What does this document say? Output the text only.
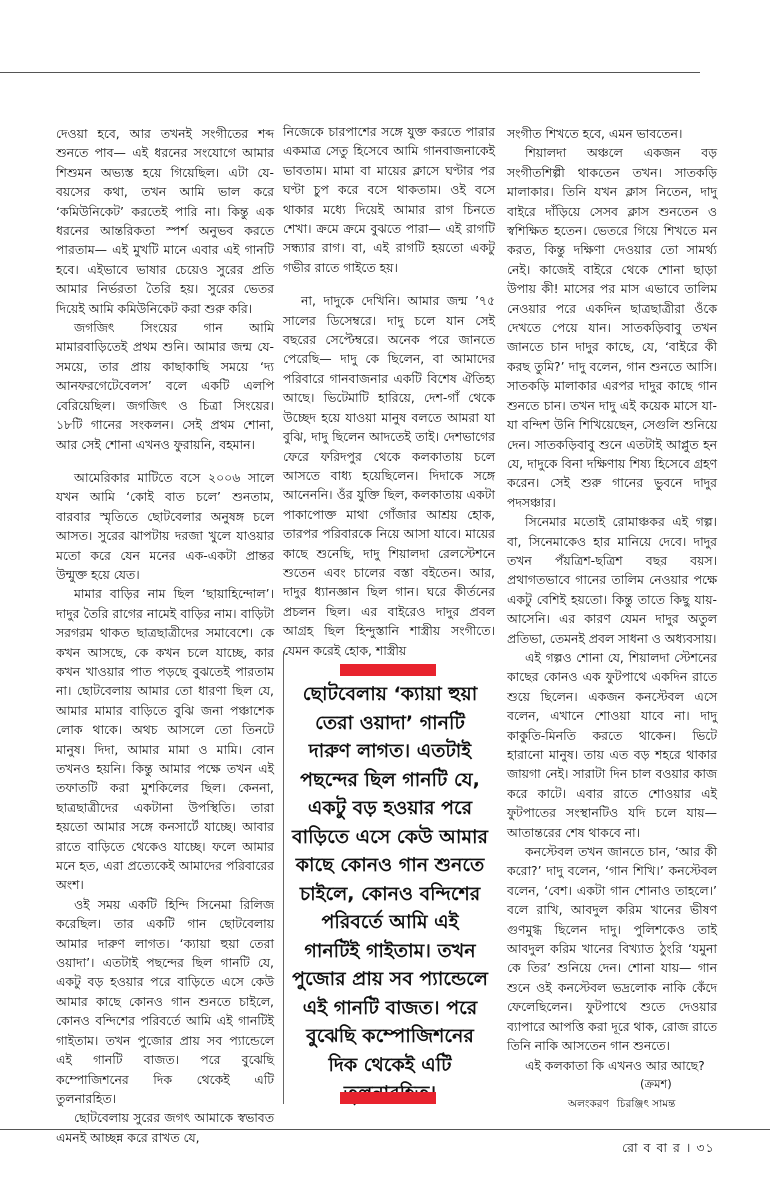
দেওয়া হবে, আর তখনই সংগীতের শব্দ শুনতে পাব— এই ধরনের সংযোগে আমার শিশুমন অভ্যস্ত হয়ে গিয়েছিল। এটা যে-বয়সের কথা, তখন আমি ভাল করে ‘কমিউনিকেট’ করতেই পারি না। কিন্তু এক ধরনের আন্তরিকতা স্পর্শ অনুভব করতে পারতাম— এই মুখটি মানে এবার এই গানটি হবে। এইভাবে ভাষার চেয়েও সুরের প্রতি আমার নির্ভরতা তৈরি হয়। সুরের ভেতর দিয়েই আমি কমিউনিকেট করা শুরু করি।

জগজিৎ সিংয়ের গান আমি মামারবাড়িতেই প্রথম শুনি। আমার জন্ম যে-সময়ে, তার প্রায় কাছাকাছি সময়ে ‘দ্য আনফরগেটেবেলস’ বলে একটি এলপি বেরিয়েছিল। জগজিৎ ও চিত্রা সিংয়ের। ১৮টি গানের সংকলন। সেই প্রথম শোনা, আর সেই শোনা এখনও ফুরায়নি, বহমান।

আমেরিকার মাটিতে বসে ২০০৬ সালে যখন আমি ‘কোই বাত চলে’ শুনতাম, বারবার স্মৃতিতে ছোটবেলার অনুষঙ্গ চলে আসত। সুরের ঝাপটায় দরজা খুলে যাওয়ার মতো করে যেন মনের এক-একটা প্রান্তর উন্মুক্ত হয়ে যেত।

মামার বাড়ির নাম ছিল ‘ছায়াহিন্দোল’। দাদুর তৈরি রাগের নামেই বাড়ির নাম। বাড়িটা সরগরম থাকত ছাত্রছাত্রীদের সমাবেশে। কে কখন আসছে, কে কখন চলে যাচ্ছে, কার কখন খাওয়ার পাত পড়ছে বুঝতেই পারতাম না। ছোটবেলায় আমার তো ধারণা ছিল যে, আমার মামার বাড়িতে বুঝি জনা পঞ্চাশেক লোক থাকে। অথচ আসলে তো তিনটে মানুষ। দিদা, আমার মামা ও মামি। বোন তখনও হয়নি। কিন্তু আমার পক্ষে তখন এই তফাতটি করা মুশকিলের ছিল। কেননা, ছাত্রছাত্রীদের একটানা উপস্থিতি। তারা হয়তো আমার সঙ্গে কনসার্টে যাচ্ছে। আবার রাতে বাড়িতে থেকেও যাচ্ছে। ফলে আমার মনে হত, এরা প্রত্যেকেই আমাদের পরিবারের অংশ।

ওই সময় একটি হিন্দি সিনেমা রিলিজ করেছিল। তার একটি গান ছোটবেলায় আমার দারুণ লাগত। ‘ক্যায়া হুয়া তেরা ওয়াদা’। এতটাই পছন্দের ছিল গানটি যে, একটু বড় হওয়ার পরে বাড়িতে এসে কেউ আমার কাছে কোনও গান শুনতে চাইলে, কোনও বন্দিশের পরিবর্তে আমি এই গানটিই গাইতাম। তখন পুজোর প্রায় সব প্যান্ডেলে এই গানটি বাজত। পরে বুঝেছি কম্পোজিশনের দিক থেকেই এটি তুলনারহিত।

ছোটবেলায় সুরের জগৎ আমাকে স্বভাবত এমনই আচ্ছন্ন করে রাখত যে,

নিজেকে চারপাশের সঙ্গে যুক্ত করতে পারার একমাত্র সেতু হিসেবে আমি গানবাজনাকেই ভাবতাম। মামা বা মায়ের ক্লাসে ঘণ্টার পর ঘণ্টা চুপ করে বসে থাকতাম। ওই বসে থাকার মধ্যে দিয়েই আমার রাগ চিনতে শেখা। ক্রমে ক্রমে বুঝতে পারা— এই রাগটি সন্ধ্যার রাগ। বা, এই রাগটি হয়তো একটু গভীর রাতে গাইতে হয়।

না, দাদুকে দেখিনি। আমার জন্ম ’৭৫ সালের ডিসেম্বরে। দাদু চলে যান সেই বছরের সেপ্টেম্বরে। অনেক পরে জানতে পেরেছি— দাদু কে ছিলেন, বা আমাদের পরিবারে গানবাজনার একটি বিশেষ ঐতিহ্য আছে। ভিটেমাটি হারিয়ে, দেশ-গাঁ থেকে উচ্ছেদ হয়ে যাওয়া মানুষ বলতে আমরা যা বুঝি, দাদু ছিলেন আদতেই তাই। দেশভাগের ফেরে ফরিদপুর থেকে কলকাতায় চলে আসতে বাধ্য হয়েছিলেন। দিদাকে সঙ্গে আনেননি। ওঁর যুক্তি ছিল, কলকাতায় একটা পাকাপোক্ত মাথা গোঁজার আশ্রয় হোক, তারপর পরিবারকে নিয়ে আসা যাবে। মায়ের কাছে শুনেছি, দাদু শিয়ালদা রেলস্টেশনে শুতেন এবং চালের বস্তা বইতেন। আর, দাদুর ধ্যানজ্ঞান ছিল গান। ঘরে কীর্তনের প্রচলন ছিল। এর বাইরেও দাদুর প্রবল আগ্রহ ছিল হিন্দুস্তানি শাস্ত্রীয় সংগীতে। যেমন করেই হোক, শাস্ত্রীয়

সংগীত শিখতে হবে, এমন ভাবতেন।

শিয়ালদা অঞ্চলে একজন বড় সংগীতশিল্পী থাকতেন তখন। সাতকড়ি মালাকার। তিনি যখন ক্লাস নিতেন, দাদু বাইরে দাঁড়িয়ে সেসব ক্লাস শুনতেন ও স্বশিক্ষিত হতেন। ভেতরে গিয়ে শিখতে মন করত, কিন্তু দক্ষিণা দেওয়ার তো সামর্থ্য নেই। কাজেই বাইরে থেকে শোনা ছাড়া উপায় কী! মাসের পর মাস এভাবে তালিম নেওয়ার পরে একদিন ছাত্রছাত্রীরা ওঁকে দেখতে পেয়ে যান। সাতকড়িবাবু তখন জানতে চান দাদুর কাছে, যে, ‘বাইরে কী করছ তুমি?’ দাদু বলেন, গান শুনতে আসি। সাতকড়ি মালাকার এরপর দাদুর কাছে গান শুনতে চান। তখন দাদু এই কয়েক মাসে যা-যা বন্দিশ উনি শিখিয়েছেন, সেগুলি শুনিয়ে দেন। সাতকড়িবাবু শুনে এতটাই আপ্লুত হন যে, দাদুকে বিনা দক্ষিণায় শিষ্য হিসেবে গ্রহণ করেন। সেই শুরু গানের ভুবনে দাদুর পদসঞ্চার।

সিনেমার মতোই রোমাঞ্চকর এই গল্প। বা, সিনেমাকেও হার মানিয়ে দেবে। দাদুর তখন পঁয়ত্রিশ-ছত্রিশ বছর বয়স। প্রথাগতভাবে গানের তালিম নেওয়ার পক্ষে একটু বেশিই হয়তো। কিন্তু তাতে কিছু যায়-আসেনি। এর কারণ যেমন দাদুর অতুল প্রতিভা, তেমনই প্রবল সাধনা ও অধ্যবসায়।

এই গল্পও শোনা যে, শিয়ালদা স্টেশনের কাছের কোনও এক ফুটপাথে একদিন রাতে শুয়ে ছিলেন। একজন কনস্টেবল এসে বলেন, এখানে শোওয়া যাবে না। দাদু কাকুতি-মিনতি করতে থাকেন। ভিটে হারানো মানুষ। তায় এত বড় শহরে থাকার জায়গা নেই। সারাটা দিন চাল বওয়ার কাজ করে কাটে। এবার রাতে শোওয়ার এই ফুটপাতের সংস্থানটিও যদি চলে যায়— আতান্তরের শেষ থাকবে না।

কনস্টেবল তখন জানতে চান, ‘আর কী করো?’ দাদু বলেন, ‘গান শিখি।’ কনস্টেবল বলেন, ‘বেশ। একটা গান শোনাও তাহলে।’ বলে রাখি, আবদুল করিম খানের ভীষণ গুণমুগ্ধ ছিলেন দাদু। পুলিশকেও তাই আবদুল করিম খানের বিখ্যাত ঠুংরি ‘যমুনা কে তির’ শুনিয়ে দেন। শোনা যায়— গান শুনে ওই কনস্টেবল ভদ্রলোক নাকি কেঁদে ফেলেছিলেন। ফুটপাথে শুতে দেওয়ার ব্যাপারে আপত্তি করা দূরে থাক, রোজ রাতে তিনি নাকি আসতেন গান শুনতে।

এই কলকাতা কি এখনও আর আছে?

ছোটবেলায় ‘ক্যায়া হুয়া তেরা ওয়াদা’ গানটি দারুণ লাগত। এতটাই পছন্দের ছিল গানটি যে, একটু বড় হওয়ার পরে বাড়িতে এসে কেউ আমার কাছে কোনও গান শুনতে চাইলে, কোনও বন্দিশের পরিবর্তে আমি এই গানটিই গাইতাম। তখন পুজোর প্রায় সব প্যান্ডেলে এই গানটি বাজত। পরে বুঝেছি কম্পোজিশনের দিক থেকেই এটি
(ক্রমশ)
অলংকরণ চিরঞ্জিৎ সামন্ত
রো ব বা র । ৩১
